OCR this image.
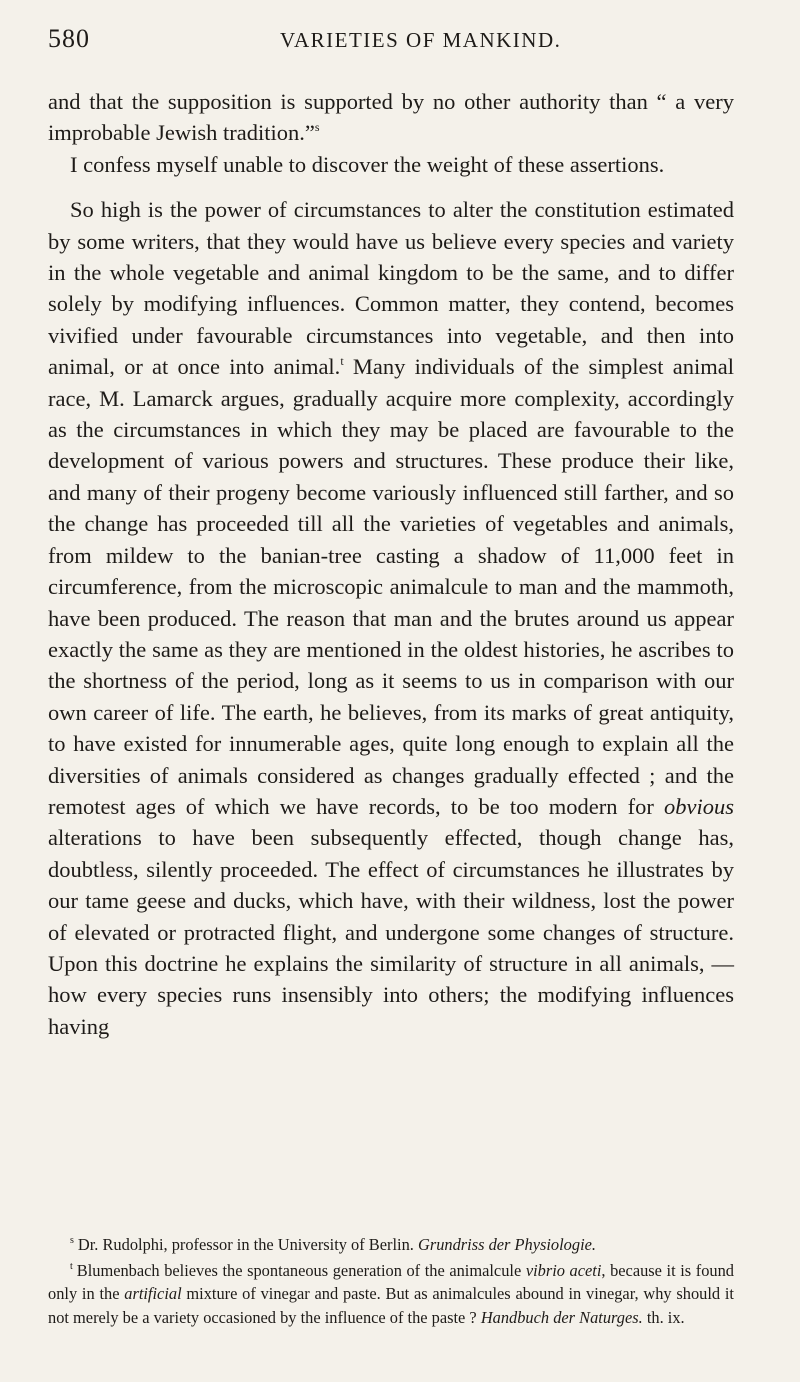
580	VARIETIES OF MANKIND.

and that the supposition is supported by no other authority than “ a very improbable Jewish tradition.”$^s$

I confess myself unable to discover the weight of these assertions.

So high is the power of circumstances to alter the constitution estimated by some writers, that they would have us believe every species and variety in the whole vegetable and animal kingdom to be the same, and to differ solely by modifying influences. Common matter, they contend, becomes vivified under favourable circumstances into vegetable, and then into animal, or at once into animal.$^t$ Many individuals of the simplest animal race, M. Lamarck argues, gradually acquire more complexity, accordingly as the circumstances in which they may be placed are favourable to the development of various powers and structures. These produce their like, and many of their progeny become variously influenced still farther, and so the change has proceeded till all the varieties of vegetables and animals, from mildew to the banian-tree casting a shadow of 11,000 feet in circumference, from the microscopic animalcule to man and the mammoth, have been produced. The reason that man and the brutes around us appear exactly the same as they are mentioned in the oldest histories, he ascribes to the shortness of the period, long as it seems to us in comparison with our own career of life. The earth, he believes, from its marks of great antiquity, to have existed for innumerable ages, quite long enough to explain all the diversities of animals considered as changes gradually effected ; and the remotest ages of which we have records, to be too modern for obvious alterations to have been subsequently effected, though change has, doubtless, silently proceeded. The effect of circumstances he illustrates by our tame geese and ducks, which have, with their wildness, lost the power of elevated or protracted flight, and undergone some changes of structure. Upon this doctrine he explains the similarity of structure in all animals, — how every species runs insensibly into others; the modifying influences having

$^s$ Dr. Rudolphi, professor in the University of Berlin. Grundriss der Physiologie.

$^t$ Blumenbach believes the spontaneous generation of the animalcule vibrio aceti, because it is found only in the artificial mixture of vinegar and paste. But as animalcules abound in vinegar, why should it not merely be a variety occasioned by the influence of the paste ? Handbuch der Naturges. th. ix.
